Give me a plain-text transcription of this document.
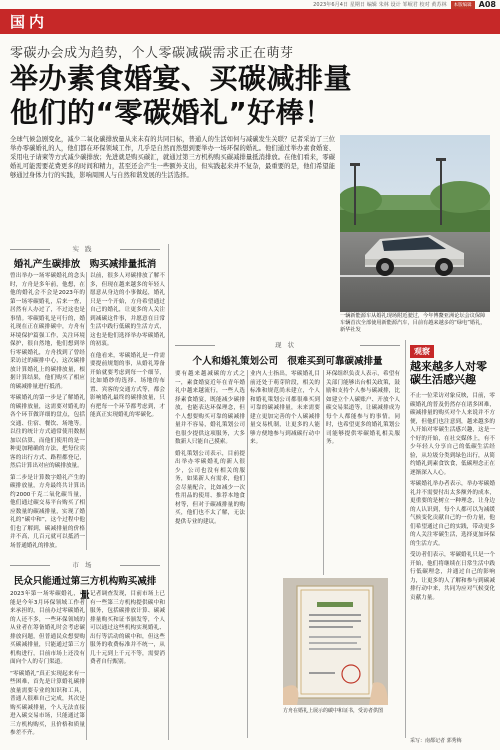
2023年6月4日 星期日 编辑 朱林 设计 邹岷君 校对 黄苏林	本版编辑 A08
国内
零碳办会成为趋势，个人零碳减碳需求正在萌芽
举办素食婚宴、买碳减排量
他们的“零碳婚礼”好棒！
全球气候急剧变化，减少二氧化碳排放量从来未有的共同目标，普通人的生活如何与减碳发生关联？记者采访了三位举办零碳婚礼的人，他们都在环保领域工作，几乎是自然而然想到要举办一场环保的婚礼。他们通过举办素食婚宴、采用电子请柬等方式减少碳排放；先进就是购买碳汇，就通过第三方机构购买碳减排量抵消排放。在他们看来，零碳婚礼可能需要花费更多的时间和精力，甚至还会产生一些额外支出，但实践起来并不复杂，最重要的是，他们希望能够通过身体力行的实践，影响周围人与自然和谐发展的生活选择。
一辆新能源车从婚礼现场附近驶过，今年博鳌亚洲论坛会议保障车辆首次全部使用新能源汽车，目前有越来越多的“绿电”婚礼，新华社发
实践
婚礼产生碳排放　购买减排量抵消

曾出举办一场零碳婚礼的念头时，方舟是多年前，他想，在他的婚礼会不会是2023年的第一场零碳婚礼，后来一查，居然有人办过了，不过这也是事情。零碳婚礼是可行的，婚礼现在正在碳排碳中，方舟有环境保护篇强工作，关注环境保护，很自然地，他们想到举行零碳婚礼，方舟找到了曾经采访过的碳排中心，这次碳排放计算婚礼上的碳排放量，根据计算结果，他们购买了相应的碳减排量进行抵消。

零碳婚礼的第一步是了解婚礼的碳排放量，这需要对婚礼的各个环节做详细的盘点，包括交通、住宿、餐饮、场地等。以往的统计方式通常使用数据加以估算，而他们使用的是一种更加精确的方法，把每位宾客的出行方式、路程都登记，然后计算出对应的碳排放量。

第二步是计算数字婚礼产生的碳排放量，方舟最终共计算出约2000千克二氧化碳当量，他们通过碳交易平台购买了相应数量的碳减排量，实现了婚礼的“碳中和”，这个过程中他们也了解到，碳减排量的价格并不高，几百元就可以抵消一场普通婚礼的排放。

以前，很多人对碳排放了解不多，但现在越来越多的年轻人愿意从身边的小事做起，婚礼只是一个开始，方舟希望通过自己的婚礼，让更多的人关注到减碳这件事，并愿意在日常生活中践行低碳的生活方式，这也是他们选择举办零碳婚礼的初衷。

在他看来，零碳婚礼是一件需要提前规划的事，从婚礼筹备开始就要考虑到每一个细节，比如婚纱的选择、场地的布置、宾客的交通方式等，都会影响婚礼最终的碳排放量，只有把每一个环节都考虑到，才能真正实现婚礼的零碳化。

市场
民众只能通过第三方机构购买减排量

2023年第一场零碳婚礼，可能是今年3月环保领域工作者来承担的，目前办过零碳婚礼的人还不多，一些环保领域的从业者在筹备婚礼时会考虑碳排放问题，但普通民众想要购买碳减排量，只能通过第三方机构进行，目前市场上还没有面向个人的专门渠道。

“零碳婚礼”真正实现起来有一些困难，首先是计算婚礼碳排放量需要专业的知识和工具，普通人很难自己完成，其次是购买碳减排量，个人无法直接进入碳交易市场，只能通过第三方机构购买，且价格和质量参差不齐。

记者调查发现，目前市场上已有一些第三方机构提供碳中和服务，包括碳排放计算、碳减排量购买和证书颁发等，个人可以通过这些机构实现婚礼、出行等活动的碳中和，但这些服务的收费标准并不统一，从几十元到上千元不等，需要消费者自行甄别。

现状
个人和婚礼策划公司　很难买到可靠碳减排量

要有越来越减碳的方式之一，素食婚宴近年在青年婚礼中越来越流行，一些人选择素食婚宴，既能减少碳排放，也能表达环保理念，但个人想要购买可靠的碳减排量并不容易，婚礼策划公司也很少提供这项服务，大多数新人只能自己摸索。

婚礼策划公司表示，目前提出举办零碳婚礼的新人很少，公司也没有相关的服务，如果新人有需求，他们会尽量配合，比如减少一次性用品的使用、推荐本地食材等，但对于碳减排量的购买，他们也不太了解，无法提供专业的建议。

业内人士指出，零碳婚礼目前还处于萌芽阶段，相关的标准和规范尚未建立，个人和婚礼策划公司都很难买到可靠的碳减排量，未来需要建立更加完善的个人碳减排量交易机制，让更多的人能够方便地参与到减碳行动中来。

环保组织负责人表示，希望有关部门能够出台相关政策，鼓励和支持个人参与碳减排，比如建立个人碳账户、开放个人碳交易渠道等，让碳减排成为每个人都能参与的事情。同时，也希望更多的婚礼策划公司能够提供零碳婚礼相关服务。

方舟在婚礼上展示的碳中和证书，受访者供图
观察
越来越多人对零碳生活感兴趣

不止一位采访对象反映，目前，零碳婚礼的普及仍然存在诸多困难，碳减排量的购买对个人来说并不方便，但他们也注意到，越来越多的人开始对零碳生活感兴趣，这是一个好的开始，在社交媒体上，有不少年轻人分享自己的低碳生活经验，从垃圾分类到绿色出行，从简约婚礼到素食饮食，低碳理念正在逐渐深入人心。

零碳婚礼举办者表示，举办零碳婚礼并不需要付出太多额外的成本，更重要的是树立一种理念，让身边的人认识到，每个人都可以为减缓气候变化贡献自己的一份力量，他们希望通过自己的实践，带动更多的人关注零碳生活，选择更加环保的生活方式。

受访者们表示，零碳婚礼只是一个开始，他们将继续在日常生活中践行低碳理念，并通过自己的影响力，让更多的人了解和参与到碳减排行动中来，共同为应对气候变化贡献力量。

采写：南都记者 郭秀梅
